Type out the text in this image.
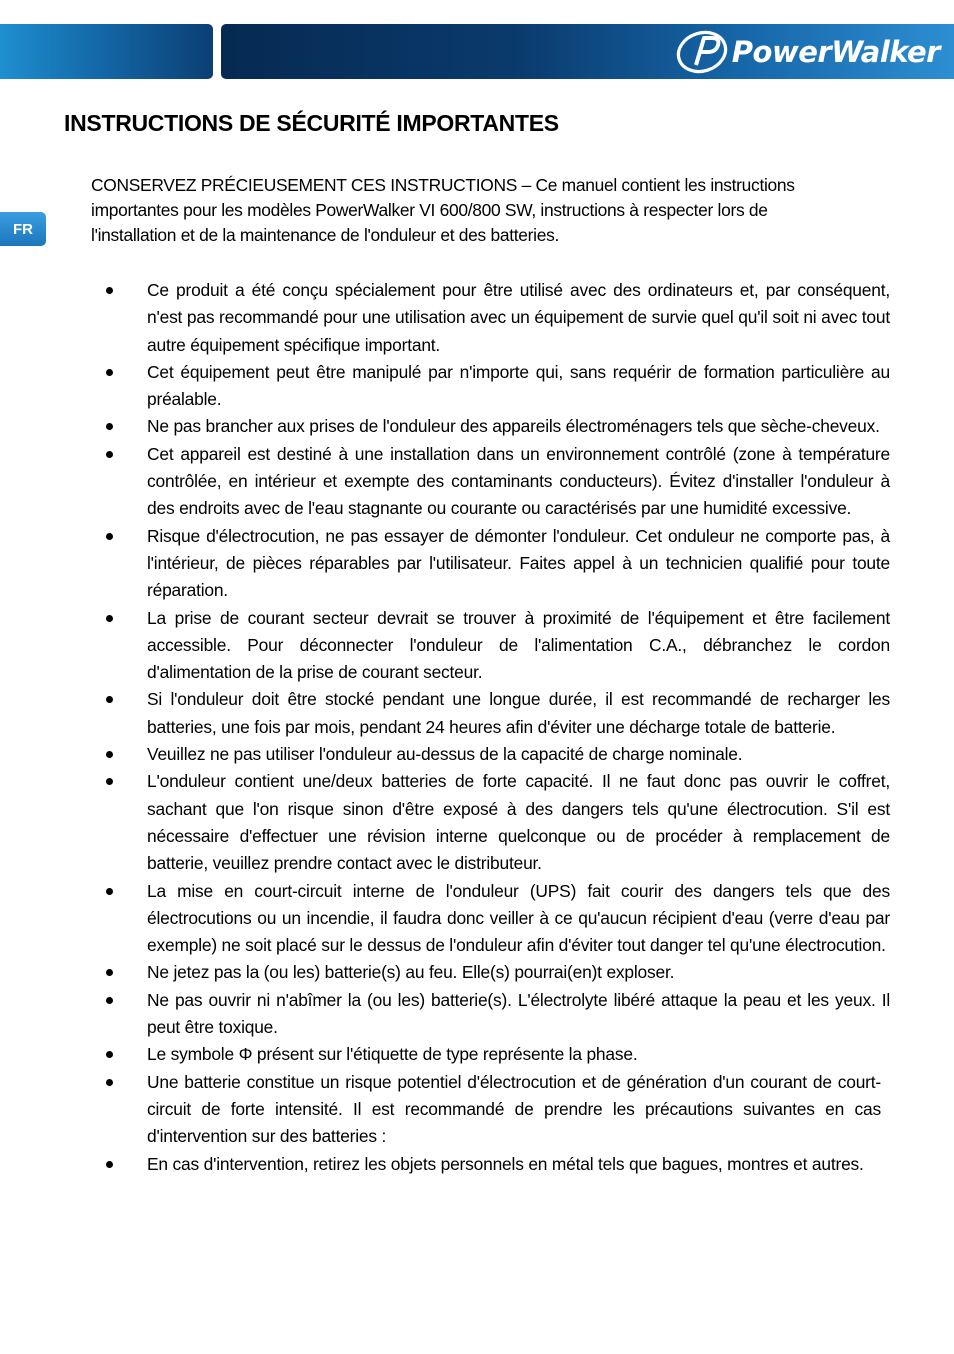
PowerWalker
FR
INSTRUCTIONS DE SÉCURITÉ IMPORTANTES
CONSERVEZ PRÉCIEUSEMENT CES INSTRUCTIONS – Ce manuel contient les instructions importantes pour les modèles PowerWalker VI 600/800 SW, instructions à respecter lors de l'installation et de la maintenance de l'onduleur et des batteries.
Ce produit a été conçu spécialement pour être utilisé avec des ordinateurs et, par conséquent, n'est pas recommandé pour une utilisation avec un équipement de survie quel qu'il soit ni avec tout autre équipement spécifique important.
Cet équipement peut être manipulé par n'importe qui, sans requérir de formation particulière au préalable.
Ne pas brancher aux prises de l'onduleur des appareils électroménagers tels que sèche-cheveux.
Cet appareil est destiné à une installation dans un environnement contrôlé (zone à température contrôlée, en intérieur et exempte des contaminants conducteurs). Évitez d'installer l'onduleur à des endroits avec de l'eau stagnante ou courante ou caractérisés par une humidité excessive.
Risque d'électrocution, ne pas essayer de démonter l'onduleur. Cet onduleur ne comporte pas, à l'intérieur, de pièces réparables par l'utilisateur. Faites appel à un technicien qualifié pour toute réparation.
La prise de courant secteur devrait se trouver à proximité de l'équipement et être facilement accessible. Pour déconnecter l'onduleur de l'alimentation C.A., débranchez le cordon d'alimentation de la prise de courant secteur.
Si l'onduleur doit être stocké pendant une longue durée, il est recommandé de recharger les batteries, une fois par mois, pendant 24 heures afin d'éviter une décharge totale de batterie.
Veuillez ne pas utiliser l'onduleur au-dessus de la capacité de charge nominale.
L'onduleur contient une/deux batteries de forte capacité. Il ne faut donc pas ouvrir le coffret, sachant que l'on risque sinon d'être exposé à des dangers tels qu'une électrocution. S'il est nécessaire d'effectuer une révision interne quelconque ou de procéder à remplacement de batterie, veuillez prendre contact avec le distributeur.
La mise en court-circuit interne de l'onduleur (UPS) fait courir des dangers tels que des électrocutions ou un incendie, il faudra donc veiller à ce qu'aucun récipient d'eau (verre d'eau par exemple) ne soit placé sur le dessus de l'onduleur afin d'éviter tout danger tel qu'une électrocution.
Ne jetez pas la (ou les) batterie(s) au feu. Elle(s) pourrai(en)t exploser.
Ne pas ouvrir ni n'abîmer la (ou les) batterie(s). L'électrolyte libéré attaque la peau et les yeux. Il peut être toxique.
Le symbole Φ présent sur l'étiquette de type représente la phase.
Une batterie constitue un risque potentiel d'électrocution et de génération d'un courant de court-circuit de forte intensité. Il est recommandé de prendre les précautions suivantes en cas d'intervention sur des batteries :
En cas d'intervention, retirez les objets personnels en métal tels que bagues, montres et autres.
